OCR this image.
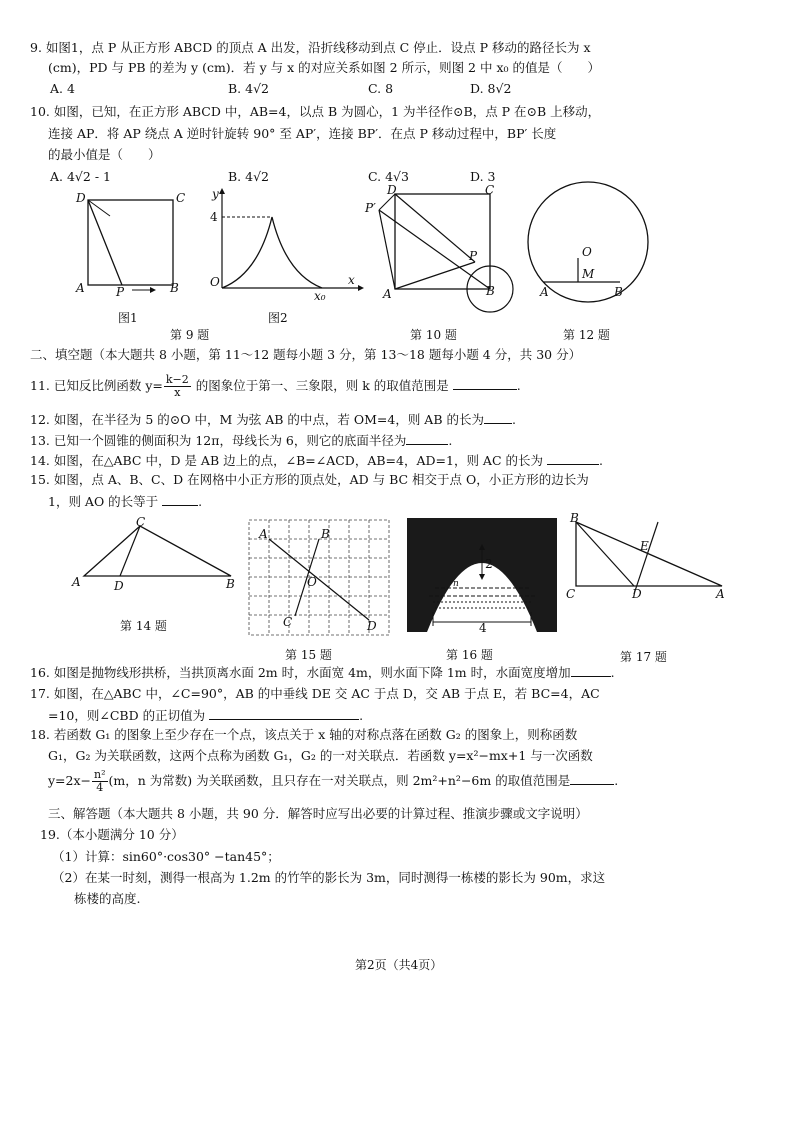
9. 如图1，点 P 从正方形 ABCD 的顶点 A 出发，沿折线移动到点 C 停止．设点 P 移动的路径长为 x
(cm)，PD 与 PB 的差为 y (cm)．若 y 与 x 的对应关系如图 2 所示，则图 2 中 x₀ 的值是（　　）
A. 4	B. 4√2	C. 8	D. 8√2
10. 如图，已知，在正方形 ABCD 中，AB=4，以点 B 为圆心，1 为半径作⊙B，点 P 在⊙B 上移动，
连接 AP．将 AP 绕点 A 逆时针旋转 90° 至 AP′，连接 BP′．在点 P 移动过程中，BP′ 长度
的最小值是（　　）
A. 4√2 - 1	B. 4√2	C. 4√3	D. 3
D	C
A	P	B
图1
y
4
O
x₀
x
图2
第 9 题
D	C
P′
P
A	B
第 10 题
O
M
A	B
第 12 题
二、填空题（本大题共 8 小题，第 11～12 题每小题 3 分，第 13～18 题每小题 4 分，共 30 分）
11. 已知反比例函数 $y= \frac{k-2}{x}$ 的图象位于第一、三象限，则 k 的取值范围是	.
12. 如图，在半径为 5 的⊙O 中，M 为弦 AB 的中点，若 OM=4，则 AB 的长为 .
13. 已知一个圆锥的侧面积为 12π，母线长为 6，则它的底面半径为	.
14. 如图，在△ABC 中，D 是 AB 边上的点，∠B=∠ACD，AB=4，AD=1，则 AC 的长为	.
15. 如图，点 A、B、C、D 在网格中小正方形的顶点处，AD 与 BC 相交于点 O，小正方形的边长为
1，则 AO 的长等于	.
C
A	D	B
第 14 题
A	B
O
C	D
第 15 题
2
n
4
第 16 题
B
E
C	D	A
第 17 题
16. 如图是抛物线形拱桥，当拱顶离水面 2m 时，水面宽 4m，则水面下降 1m 时，水面宽度增加	.
17. 如图，在△ABC 中，∠C=90°，AB 的中垂线 DE 交 AC 于点 D，交 AB 于点 E，若 BC=4，AC
=10，则∠CBD 的正切值为	.
18. 若函数 G₁ 的图象上至少存在一个点，该点关于 x 轴的对称点落在函数 G₂ 的图象上，则称函数
G₁，G₂ 为关联函数，这两个点称为函数 G₁，G₂ 的一对关联点．若函数 y=x²−mx+1 与一次函数
$y=2x- \frac{\text{n²}}{4} (m$，n 为常数) 为关联函数，且只存在一对关联点，则 2m²+n²−6m 的取值范围是	.
三、解答题（本大题共 8 小题，共 90 分．解答时应写出必要的计算过程、推演步骤或文字说明）
19.（本小题满分 10 分）
（1）计算：sin60°·cos30° −tan45°；
（2）在某一时刻，测得一根高为 1.2m 的竹竿的影长为 3m，同时测得一栋楼的影长为 90m，求这
栋楼的高度.
第2页（共4页）
